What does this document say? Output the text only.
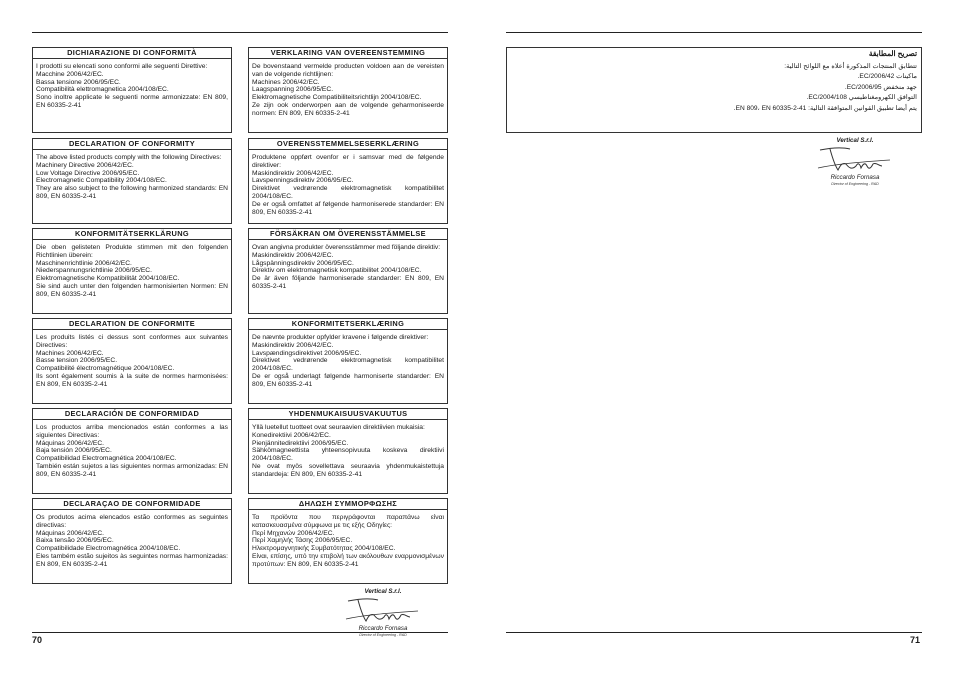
DICHIARAZIONE DI CONFORMITÀ
I prodotti su elencati sono conformi alle seguenti Direttive:
Macchine 2006/42/EC.
Bassa tensione 2006/95/EC.
Compatibilità elettromagnetica 2004/108/EC.
Sono inoltre applicate le seguenti norme armonizzate: EN 809, EN 60335-2-41
DECLARATION OF CONFORMITY
The above listed products comply with the following Directives:
Machinery Directive 2006/42/EC.
Low Voltage Directive 2006/95/EC.
Electromagnetic Compatibility 2004/108/EC.
They are also subject to the following harmonized standards: EN 809, EN 60335-2-41
KONFORMITÄTSERKLÄRUNG
Die oben gelisteten Produkte stimmen mit den folgenden Richtlinien überein:
Maschinenrichtlinie 2006/42/EC.
Niederspannungsrichtlinie 2006/95/EC.
Elektromagnetische Kompatibilität 2004/108/EC.
Sie sind auch unter den folgenden harmonisierten Normen: EN 809, EN 60335-2-41
DECLARATION DE CONFORMITE
Les produits listés ci dessus sont conformes aux suivantes Directives:
Machines 2006/42/EC.
Basse tension 2006/95/EC.
Compatibilité électromagnétique 2004/108/EC.
Ils sont également soumis à la suite de normes harmonisées: EN 809, EN 60335-2-41
DECLARACIÓN DE CONFORMIDAD
Los productos arriba mencionados están conformes a las siguientes Directivas:
Máquinas 2006/42/EC.
Baja tensión 2006/95/EC.
Compatibilidad Electromagnética 2004/108/EC.
También están sujetos a las siguientes normas armonizadas: EN 809, EN 60335-2-41
DECLARAÇAO DE CONFORMIDADE
Os produtos acima elencados estão conformes as seguintes directivas:
Máquinas 2006/42/EC.
Baixa tensão 2006/95/EC.
Compatibilidade Electromagnética 2004/108/EC.
Eles também estão sujeitos às seguintes normas harmonizadas: EN 809, EN 60335-2-41
VERKLARING VAN OVEREENSTEMMING
De bovenstaand vermelde producten voldoen aan de vereisten van de volgende richtlijnen:
Machines 2006/42/EC.
Laagspanning 2006/95/EC.
Elektromagnetische Compatibiliteitsrichtlijn 2004/108/EC.
Ze zijn ook onderworpen aan de volgende geharmoniseerde normen: EN 809, EN 60335-2-41
OVERENSSTEMMELSESERKLÆRING
Produktene oppført ovenfor er i samsvar med de følgende direktiver:
Maskindirektiv 2006/42/EC.
Lavspenningsdirektiv 2006/95/EC.
Direktivet vedrørende elektromagnetisk kompatibilitet 2004/108/EC.
De er også omfattet af følgende harmoniserede standarder: EN 809, EN 60335-2-41
FÖRSÄKRAN OM ÖVERENSSTÄMMELSE
Ovan angivna produkter överensstämmer med följande direktiv:
Maskindirektiv 2006/42/EC.
Lågspänningsdirektiv 2006/95/EC.
Direktiv om elektromagnetisk kompatibilitet 2004/108/EC.
De är även följande harmoniserade standarder: EN 809, EN 60335-2-41
KONFORMITETSERKLÆRING
De nævnte produkter opfylder kravene i følgende direktiver:
Maskindirektiv 2006/42/EC.
Lavspændingsdirektivet 2006/95/EC.
Direktivet vedrørende elektromagnetisk kompatibilitet 2004/108/EC.
De er også underlagt følgende harmoniserte standarder: EN 809, EN 60335-2-41
YHDENMUKAISUUSVAKUUTUS
Yllä luetellut tuotteet ovat seuraavien direktiivien mukaisia:
Konedirektiivi 2006/42/EC.
Pienjännitedirektiivi 2006/95/EC.
Sähkömagneettista yhteensopivuuta koskeva direktiivi 2004/108/EC.
Ne ovat myös sovellettava seuraavia yhdenmukaistettuja standardeja: EN 809, EN 60335-2-41
ΔΗΛΩΣΗ ΣΥΜΜΟΡΦΩΣΗΣ
Τα προϊόντα που περιγράφονται παραπάνω είναι κατασκευασμένα σύμφωνα με τις εξής Οδηγίες:
Περί Μηχανών 2006/42/EC.
Περί Χαμηλής Τάσης 2006/95/EC.
Ηλεκτρομαγνητικής Συμβατότητας 2004/108/EC.
Είναι, επίσης, υπό την επιβολή των ακόλουθων εναρμονισμένων προτύπων: EN 809, EN 60335-2-41
Vertical S.r.l.
Riccardo Fornasa
Director of Engineering - R&D
70
تصريح المطابقة
تتطابق المنتجات المذكورة أعلاه مع اللوائح التالية:
ماكينات 2006/42/EC.
جهد منخفض 2006/95/EC.
التوافق الكهرومغناطيسي 2004/108/EC.
يتم أيضا تطبيق القوانين المتوافقة التالية: EN 809، EN 60335-2-41.
Vertical S.r.l.
Riccardo Fornasa
Director of Engineering - R&D
71
